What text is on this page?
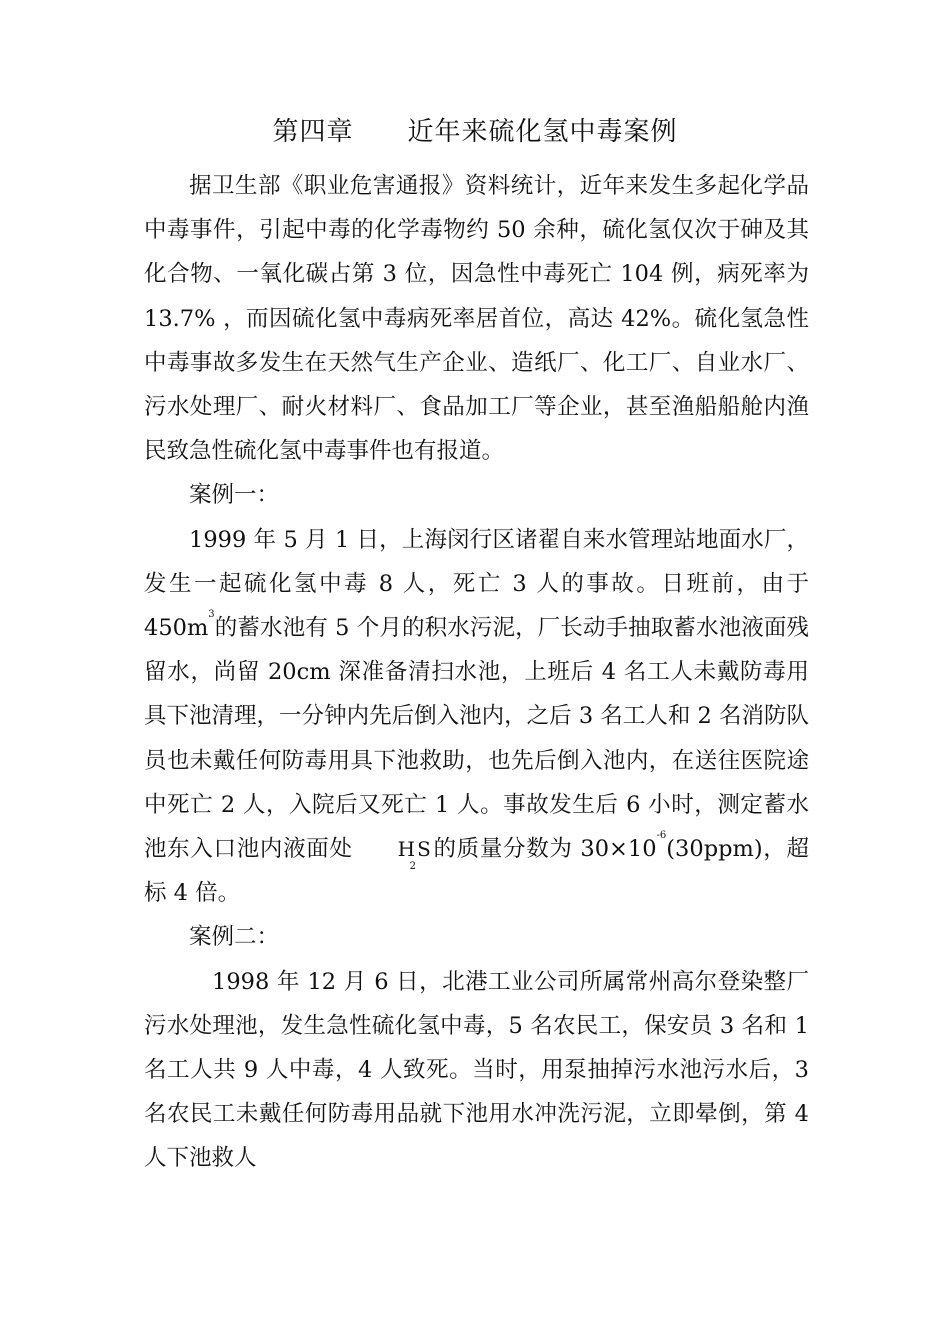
第四章　　近年来硫化氢中毒案例

据卫生部《职业危害通报》资料统计，近年来发生多起化学品中毒事件，引起中毒的化学毒物约 50 余种，硫化氢仅次于砷及其化合物、一氧化碳占第 3 位，因急性中毒死亡 104 例，病死率为 13.7% ，而因硫化氢中毒病死率居首位，高达 42%。硫化氢急性中毒事故多发生在天然气生产企业、造纸厂、化工厂、自业水厂、污水处理厂、耐火材料厂、食品加工厂等企业，甚至渔船船舱内渔民致急性硫化氢中毒事件也有报道。

案例一：

1999 年 5 月 1 日，上海闵行区诸翟自来水管理站地面水厂，发生一起硫化氢中毒 8 人，死亡 3 人的事故。日班前，由于 $450m^3$的蓄水池有 5 个月的积水污泥，厂长动手抽取蓄水池液面残留水，尚留 20cm 深准备清扫水池，上班后 4 名工人未戴防毒用具下池清理，一分钟内先后倒入池内，之后 3 名工人和 2 名消防队员也未戴任何防毒用具下池救助，也先后倒入池内，在送往医院途中死亡 2 人，入院后又死亡 1 人。事故发生后 6 小时，测定蓄水池东入口池内液面处 HS
2
的质量分数为 $30\times 10^{-6}(30ppm)$，超标 4 倍。

案例二：

1998 年 12 月 6 日，北港工业公司所属常州高尔登染整厂污水处理池，发生急性硫化氢中毒，5 名农民工，保安员 3 名和 1 名工人共 9 人中毒，4 人致死。当时，用泵抽掉污水池污水后，3 名农民工未戴任何防毒用品就下池用水冲洗污泥，立即晕倒，第 4 人下池救人
